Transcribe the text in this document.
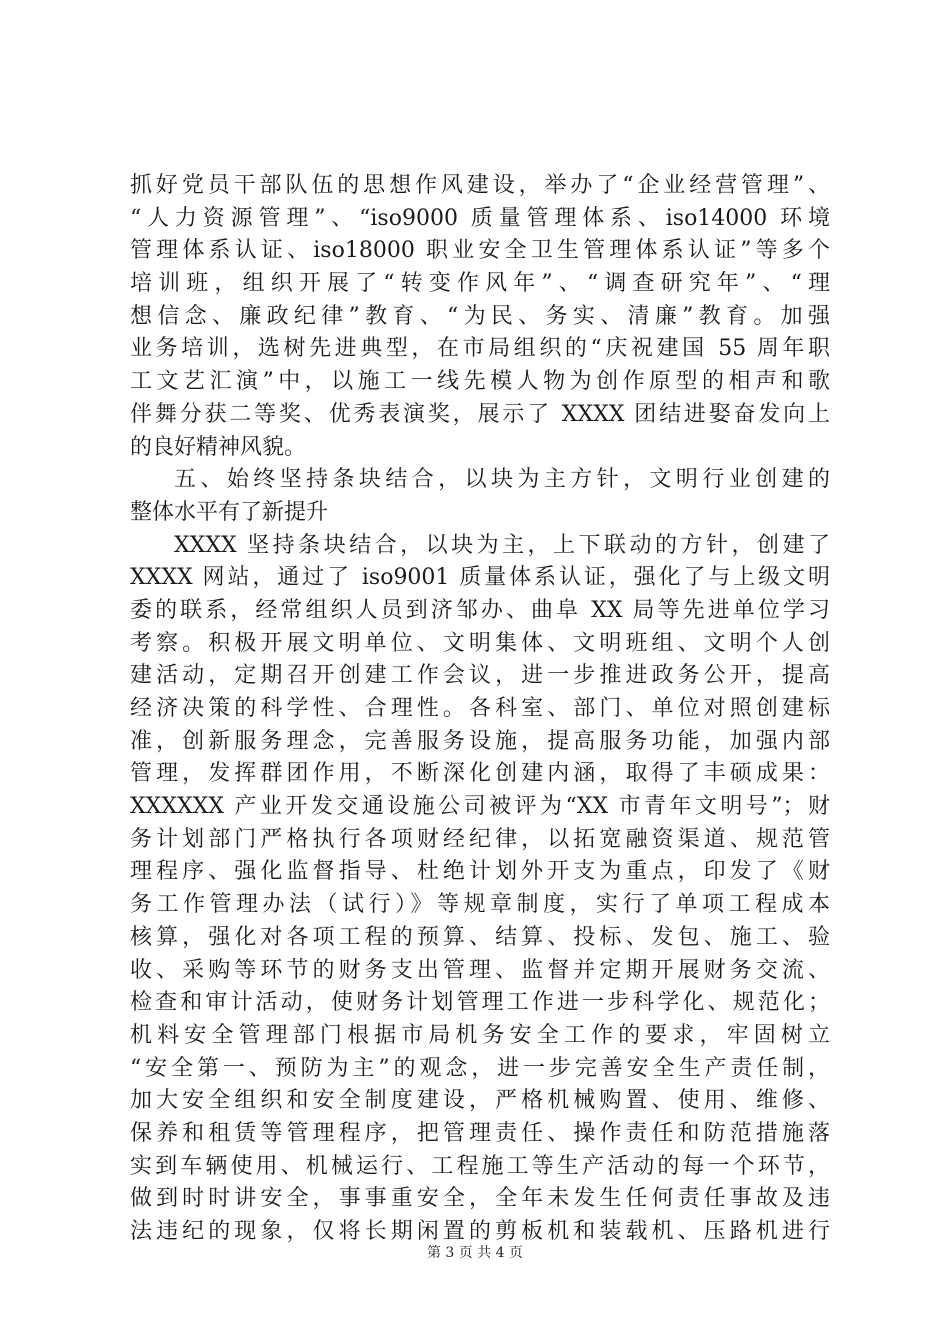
抓好党员干部队伍的思想作风建设，举办了“企业经营管理”、
“人力资源管理”、“iso9000 质量管理体系、iso14000 环境
管理体系认证、iso18000 职业安全卫生管理体系认证”等多个
培训班，组织开展了“转变作风年”、“调查研究年”、“理
想信念、廉政纪律”教育、“为民、务实、清廉”教育。加强
业务培训，选树先进典型，在市局组织的“庆祝建国 55 周年职
工文艺汇演”中，以施工一线先模人物为创作原型的相声和歌
伴舞分获二等奖、优秀表演奖，展示了 XXXX 团结进娶奋发向上
的良好精神风貌。
五、始终坚持条块结合，以块为主方针，文明行业创建的
整体水平有了新提升
XXXX 坚持条块结合，以块为主，上下联动的方针，创建了
XXXX 网站，通过了 iso9001 质量体系认证，强化了与上级文明
委的联系，经常组织人员到济邹办、曲阜 XX 局等先进单位学习
考察。积极开展文明单位、文明集体、文明班组、文明个人创
建活动，定期召开创建工作会议，进一步推进政务公开，提高
经济决策的科学性、合理性。各科室、部门、单位对照创建标
准，创新服务理念，完善服务设施，提高服务功能，加强内部
管理，发挥群团作用，不断深化创建内涵，取得了丰硕成果：
XXXXXX 产业开发交通设施公司被评为“XX 市青年文明号”；财
务计划部门严格执行各项财经纪律，以拓宽融资渠道、规范管
理程序、强化监督指导、杜绝计划外开支为重点，印发了《财
务工作管理办法（试行）》等规章制度，实行了单项工程成本
核算，强化对各项工程的预算、结算、投标、发包、施工、验
收、采购等环节的财务支出管理、监督并定期开展财务交流、
检查和审计活动，使财务计划管理工作进一步科学化、规范化；
机料安全管理部门根据市局机务安全工作的要求，牢固树立
“安全第一、预防为主”的观念，进一步完善安全生产责任制，
加大安全组织和安全制度建设，严格机械购置、使用、维修、
保养和租赁等管理程序，把管理责任、操作责任和防范措施落
实到车辆使用、机械运行、工程施工等生产活动的每一个环节，
做到时时讲安全，事事重安全，全年未发生任何责任事故及违
法违纪的现象，仅将长期闲置的剪板机和装载机、压路机进行
第 3 页 共 4 页
